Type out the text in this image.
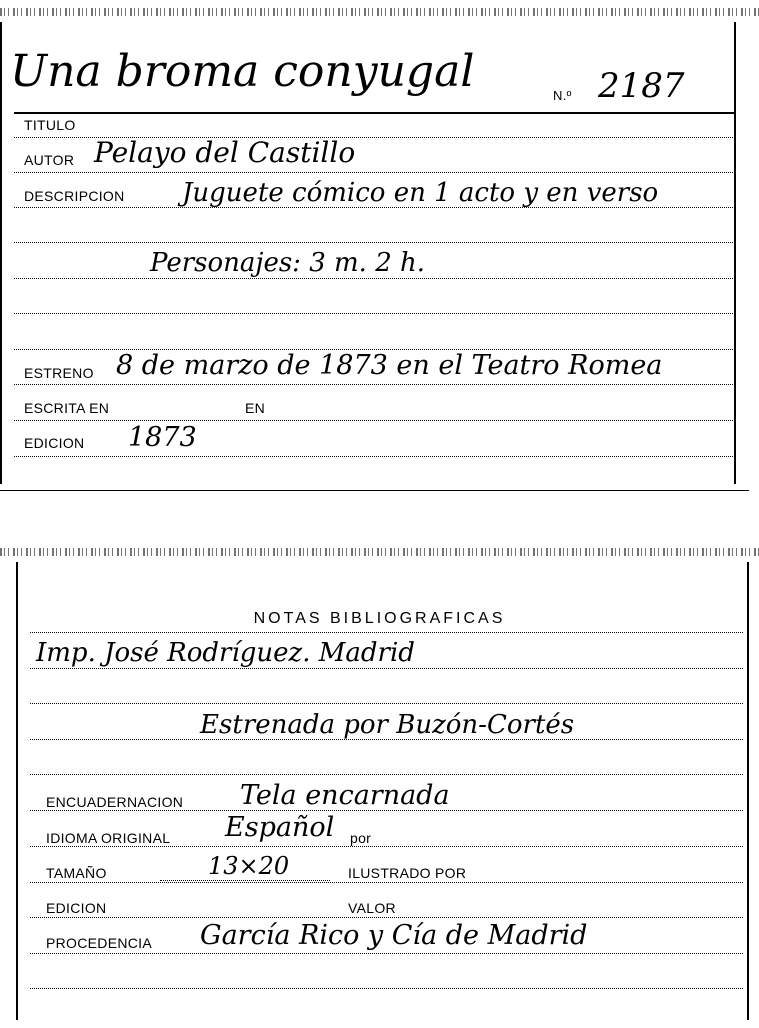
Una broma conyugal	N.º 2187
TITULO
AUTOR Pelayo del Castillo
DESCRIPCION Juguete cómico en 1 acto y en verso
Personajes: 3 m. 2 h.
ESTRENO 8 de marzo de 1873 en el Teatro Romea
ESCRITA EN	EN
EDICION 1873
NOTAS BIBLIOGRAFICAS
Imp. José Rodríguez. Madrid
Estrenada por Buzón-Cortés
ENCUADERNACION Tela encarnada
IDIOMA ORIGINAL Español por
TAMAÑO	13×20	ILUSTRADO POR
EDICION	VALOR
PROCEDENCIA García Rico y Cía de Madrid
